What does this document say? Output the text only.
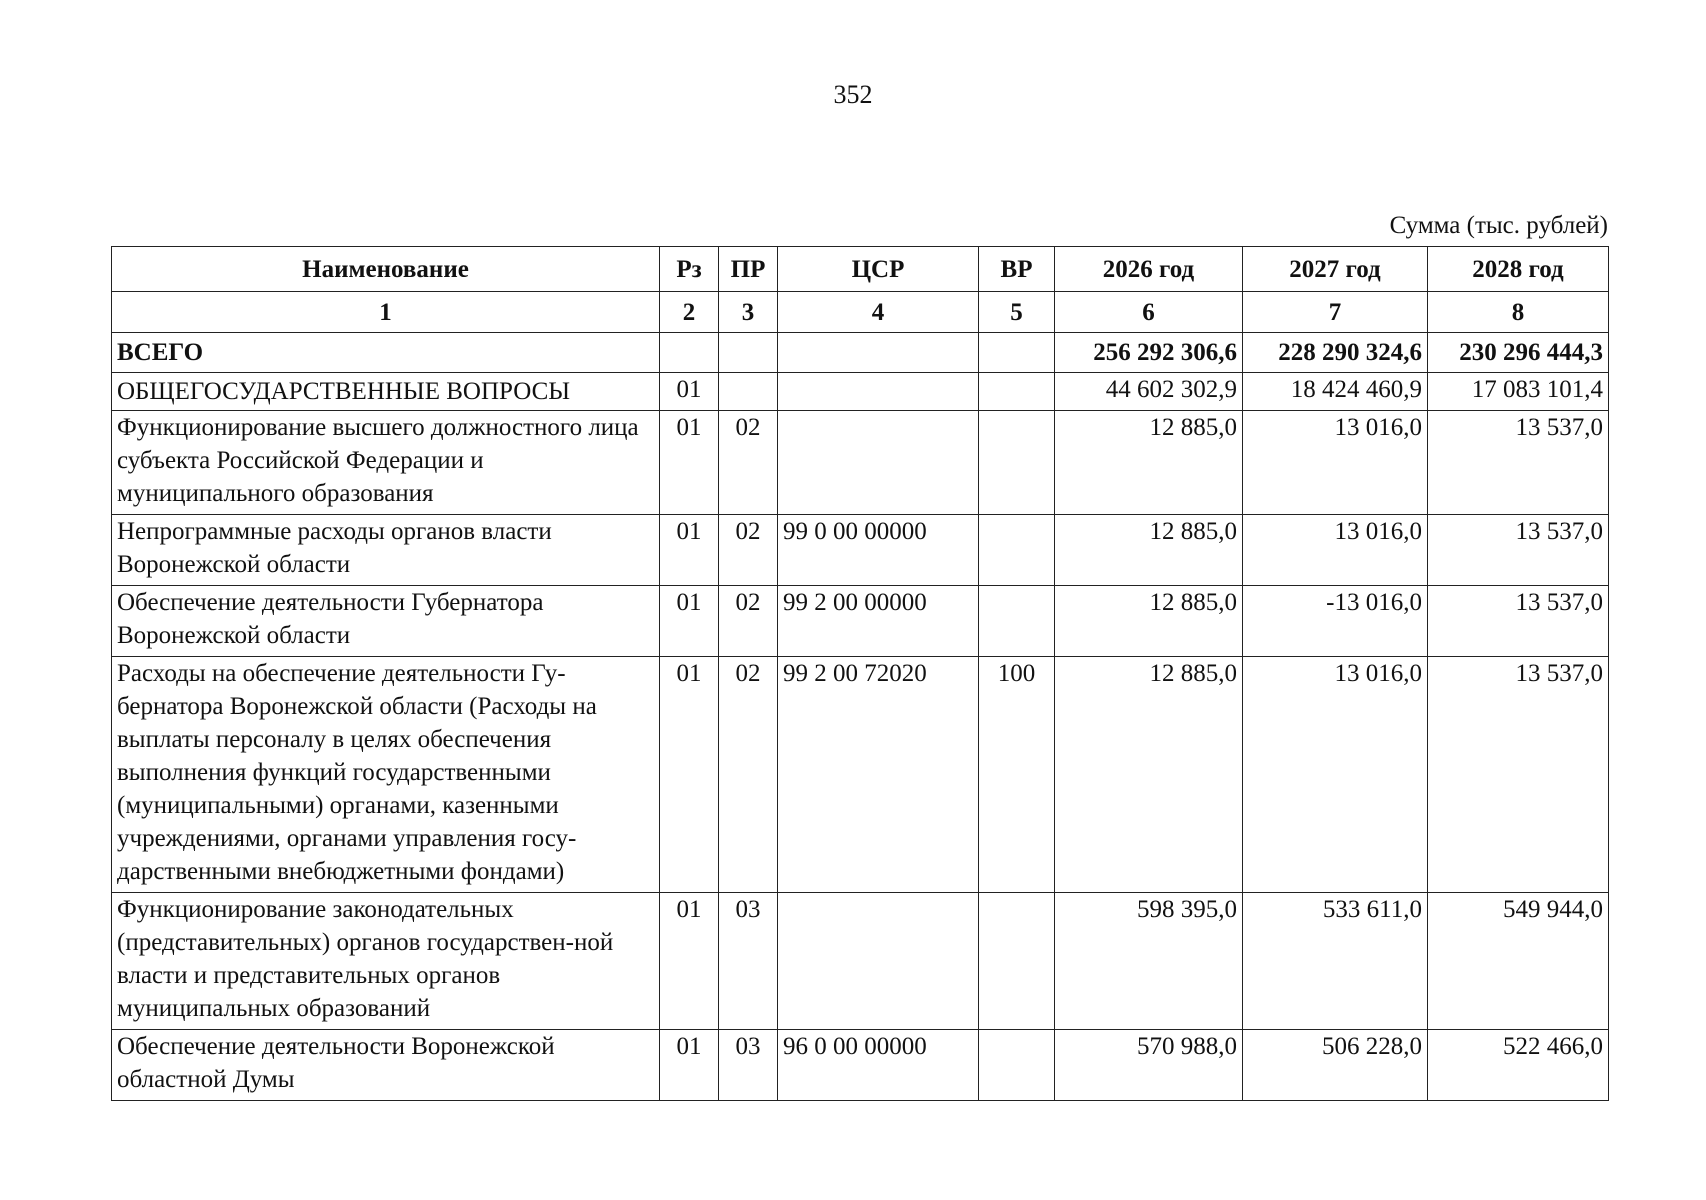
352
Сумма (тыс. рублей)
Наименование	Рз	ПР	ЦСР	ВР	2026 год	2027 год	2028 год
1	2	3	4	5	6	7	8
ВСЕГО					256 292 306,6	228 290 324,6	230 296 444,3
ОБЩЕГОСУДАРСТВЕННЫЕ ВОПРОСЫ	01				44 602 302,9	18 424 460,9	17 083 101,4
Функционирование высшего должностного лица субъекта Российской Федерации и муниципального образования	01	02			12 885,0	13 016,0	13 537,0
Непрограммные расходы органов власти Воронежской области	01	02	99 0 00 00000		12 885,0	13 016,0	13 537,0
Обеспечение деятельности Губернатора Воронежской области	01	02	99 2 00 00000		12 885,0	-13 016,0	13 537,0
Расходы на обеспечение деятельности Гу-бернатора Воронежской области (Расходы на выплаты персоналу в целях обеспечения выполнения функций государственными (муниципальными) органами, казенными учреждениями, органами управления госу-дарственными внебюджетными фондами)	01	02	99 2 00 72020	100	12 885,0	13 016,0	13 537,0
Функционирование законодательных (представительных) органов государствен-ной власти и представительных органов муниципальных образований	01	03			598 395,0	533 611,0	549 944,0
Обеспечение деятельности Воронежской областной Думы	01	03	96 0 00 00000		570 988,0	506 228,0	522 466,0
